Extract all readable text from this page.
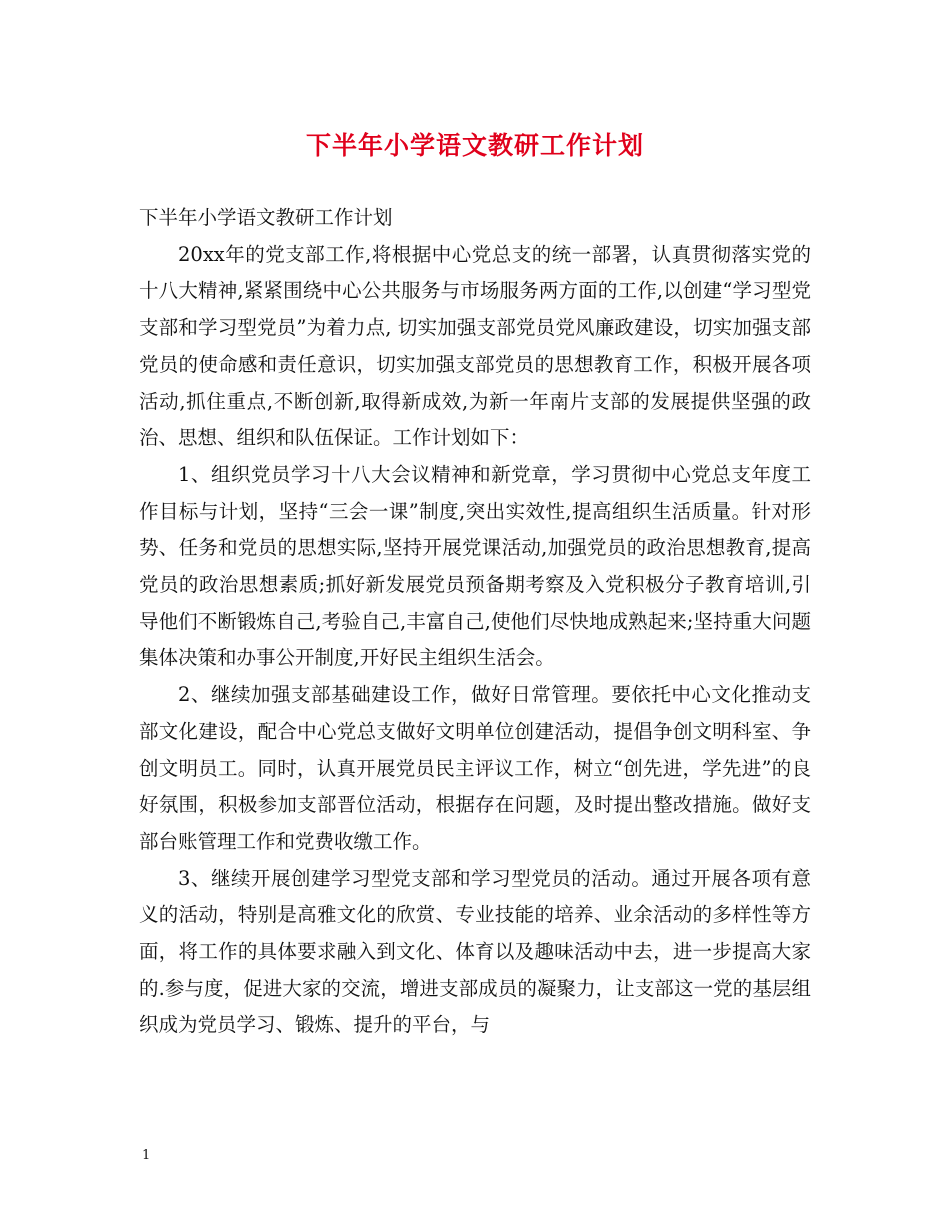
下半年小学语文教研工作计划

下半年小学语文教研工作计划

20xx年的党支部工作,将根据中心党总支的统一部署，认真贯彻落实党的十八大精神,紧紧围绕中心公共服务与市场服务两方面的工作,以创建“学习型党支部和学习型党员”为着力点, 切实加强支部党员党风廉政建设，切实加强支部党员的使命感和责任意识，切实加强支部党员的思想教育工作，积极开展各项活动,抓住重点,不断创新,取得新成效,为新一年南片支部的发展提供坚强的政治、思想、组织和队伍保证。工作计划如下：

1、组织党员学习十八大会议精神和新党章，学习贯彻中心党总支年度工作目标与计划，坚持“三会一课”制度,突出实效性,提高组织生活质量。针对形势、任务和党员的思想实际,坚持开展党课活动,加强党员的政治思想教育,提高党员的政治思想素质;抓好新发展党员预备期考察及入党积极分子教育培训,引导他们不断锻炼自己,考验自己,丰富自己,使他们尽快地成熟起来;坚持重大问题集体决策和办事公开制度,开好民主组织生活会。

2、继续加强支部基础建设工作，做好日常管理。要依托中心文化推动支部文化建设，配合中心党总支做好文明单位创建活动，提倡争创文明科室、争创文明员工。同时，认真开展党员民主评议工作，树立“创先进，学先进”的良好氛围，积极参加支部晋位活动，根据存在问题，及时提出整改措施。做好支部台账管理工作和党费收缴工作。

3、继续开展创建学习型党支部和学习型党员的活动。通过开展各项有意义的活动，特别是高雅文化的欣赏、专业技能的培养、业余活动的多样性等方面，将工作的具体要求融入到文化、体育以及趣味活动中去，进一步提高大家的.参与度，促进大家的交流，增进支部成员的凝聚力，让支部这一党的基层组织成为党员学习、锻炼、提升的平台，与

1
